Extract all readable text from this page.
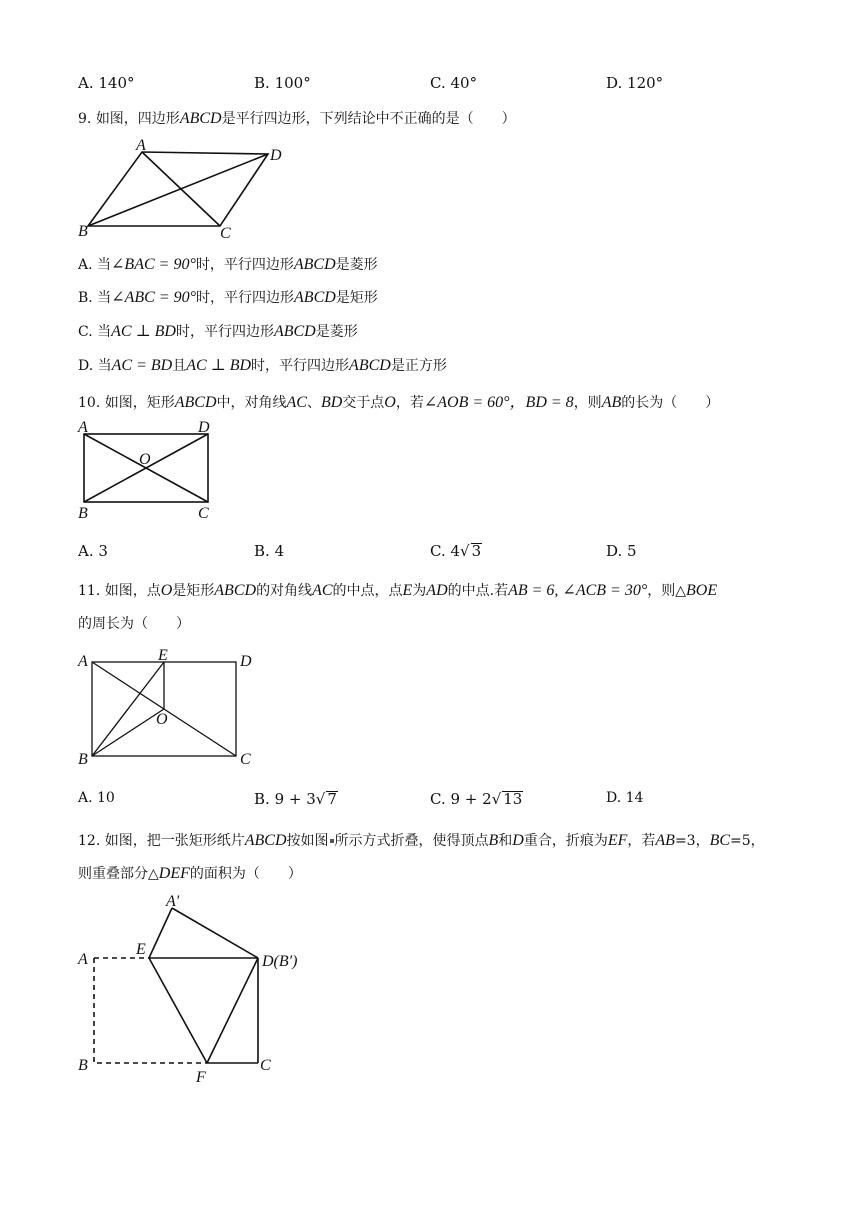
A. 140°	B. 100°	C. 40°	D. 120°
9. 如图，四边形ABCD是平行四边形，下列结论中不正确的是（　　）
A
D
B	C
A. 当∠BAC = 90°时，平行四边形ABCD是菱形
B. 当∠ABC = 90°时，平行四边形ABCD是矩形
C. 当AC ⊥ BD时，平行四边形ABCD是菱形
D. 当AC = BD且AC ⊥ BD时，平行四边形ABCD是正方形
10. 如图，矩形ABCD中，对角线AC、BD交于点O，若∠AOB = 60°，BD = 8，则AB的长为（　　）
A	D
O
B	C
A. 3	B. 4	C. 4√ 3	D. 5
11. 如图，点O是矩形ABCD的对角线AC的中点，点E为AD的中点.若AB = 6, ∠ACB = 30°，则△BOE
的周长为（　　）
A	E	D
O
B	C
A. 10	B. 9 + 3√ 7	C. 9 + 2√ 13	D. 14
12. 如图，把一张矩形纸片ABCD按如图 所示方式折叠，使得顶点B和D重合，折痕为EF，若AB=3，BC=5，
则重叠部分△DEF的面积为（　　）
A
E
A′
D(B′)
B
F
C
